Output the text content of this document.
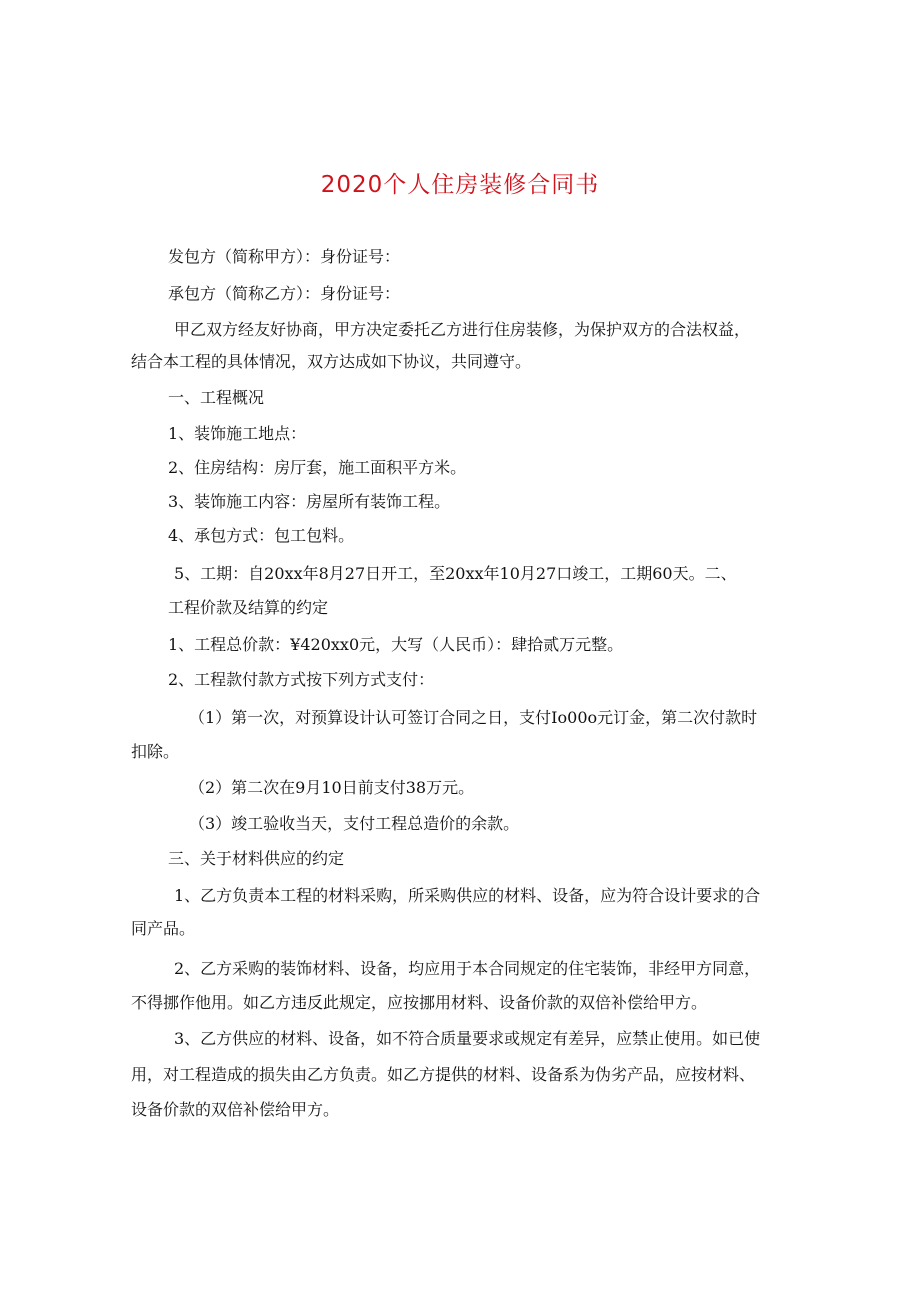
2020个人住房装修合同书
发包方（简称甲方）：身份证号：
承包方（简称乙方）：身份证号：
甲乙双方经友好协商，甲方决定委托乙方进行住房装修，为保护双方的合法权益，
结合本工程的具体情况，双方达成如下协议，共同遵守。
一、工程概况
1、装饰施工地点：
2、住房结构：房厅套，施工面积平方米。
3、装饰施工内容：房屋所有装饰工程。
4、承包方式：包工包料。
5、工期：自20xx年8月27日开工，至20xx年10月27口竣工，工期60天。二、
工程价款及结算的约定
1、工程总价款：¥420xx0元，大写（人民币）：肆拾贰万元整。
2、工程款付款方式按下列方式支付：
（1）第一次，对预算设计认可签订合同之日，支付Io00o元订金，第二次付款时
扣除。
（2）第二次在9月10日前支付38万元。
（3）竣工验收当天，支付工程总造价的余款。
三、关于材料供应的约定
1、乙方负责本工程的材料采购，所采购供应的材料、设备，应为符合设计要求的合
同产品。
2、乙方采购的装饰材料、设备，均应用于本合同规定的住宅装饰，非经甲方同意，
不得挪作他用。如乙方违反此规定，应按挪用材料、设备价款的双倍补偿给甲方。
3、乙方供应的材料、设备，如不符合质量要求或规定有差异，应禁止使用。如已使
用，对工程造成的损失由乙方负责。如乙方提供的材料、设备系为伪劣产品，应按材料、
设备价款的双倍补偿给甲方。
